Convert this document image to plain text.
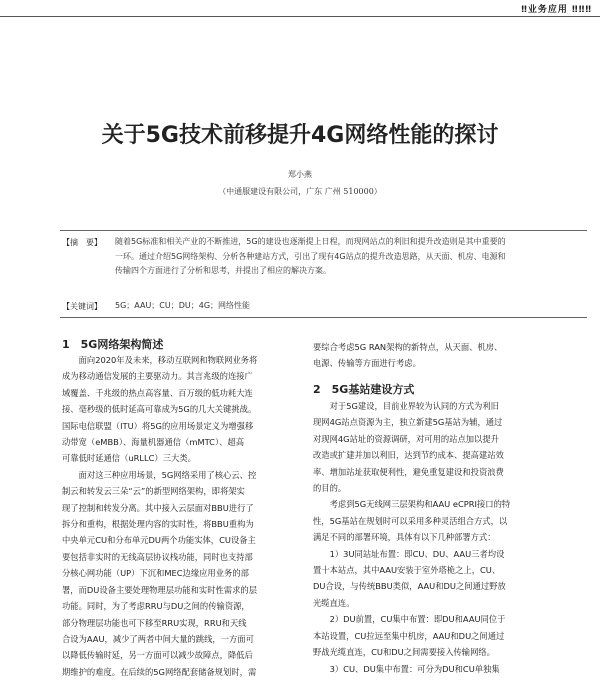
‼业务应用 ‼‼‼
关于5G技术前移提升4G网络性能的探讨
郑小燕
（中通服建设有限公司，广东 广州 510000）
【摘　要】	随着5G标准和相关产业的不断推进，5G的建设也逐渐提上日程，而现网站点的利旧和提升改造则是其中重要的
一环。通过介绍5G网络架构、分析各种建站方式，引出了现有4G站点的提升改造思路，从天面、机房、电源和
传输四个方面进行了分析和思考，并提出了相应的解决方案。
【关键词】	5G；AAU；CU；DU；4G；网络性能
1　5G网络架构简述
　　面向2020年及未来，移动互联网和物联网业务将
成为移动通信发展的主要驱动力。其言兆级的连接广
域覆盖、千兆级的热点高容量、百万级的低功耗大连
接、毫秒级的低时延高可靠成为5G的几大关键挑战。
国际电信联盟（ITU）将5G的应用场景定义为增强移
动带宽（eMBB）、海量机器通信（mMTC）、超高
可靠低时延通信（uRLLC）三大类。
　　面对这三种应用场景，5G网络采用了核心云、控
制云和转发云三朵“云”的新型网络架构，即将架实
现了控制和转发分离。其中接入云层面对BBU进行了
拆分和重构，根据处理内容的实时性，将BBU重构为
中央单元CU和分布单元DU两个功能实体，CU设备主
要包括非实时的无线高层协议栈功能，同时也支持部
分核心网功能（UP）下沉和MEC边缘应用业务的部
署，而DU设备主要处理物理层功能和实时性需求的层
功能。同时，为了考虑RRU与DU之间的传输资源，
部分物理层功能也可下移至RRU实现，RRU和天线
合设为AAU，减少了两者中间大量的跳线，一方面可
以降低传输时延，另一方面可以减少故障点，降低后
期维护的难度。在后续的5G网络配套储备规划时，需
要综合考虑5G RAN架构的新特点，从天面、机房、
电源、传输等方面进行考虑。
2　5G基站建设方式
　　对于5G建设，目前业界较为认同的方式为利旧
现网4G站点资源为主，独立新建5G基站为辅，通过
对现网4G站址的资源调研，对可用的站点加以提升
改造或扩建并加以利旧，达到节约成本、提高建站效
率、增加站址获取便利性，避免重复建设和投资浪费
的目的。
　　考虑到5G无线网三层架构和AAU eCPRI接口的特
性，5G基站在规划时可以采用多种灵活组合方式，以
满足不同的部署环境，具体有以下几种部署方式：
　　1）3U同站址布置：即CU、DU、AAU三者均设
置十本站点，其中AAU安装于室外塔桅之上，CU、
DU合设，与传统BBU类似，AAU和DU之间通过野放
光缆直连。
　　2）DU前置，CU集中布置：即DU和AAU同位于
本站设置，CU拉远至集中机房，AAU和DU之间通过
野战光缆直连，CU和DU之间需要接入传输网络。
　　3）CU、DU集中布置：可分为DU和CU单独集
